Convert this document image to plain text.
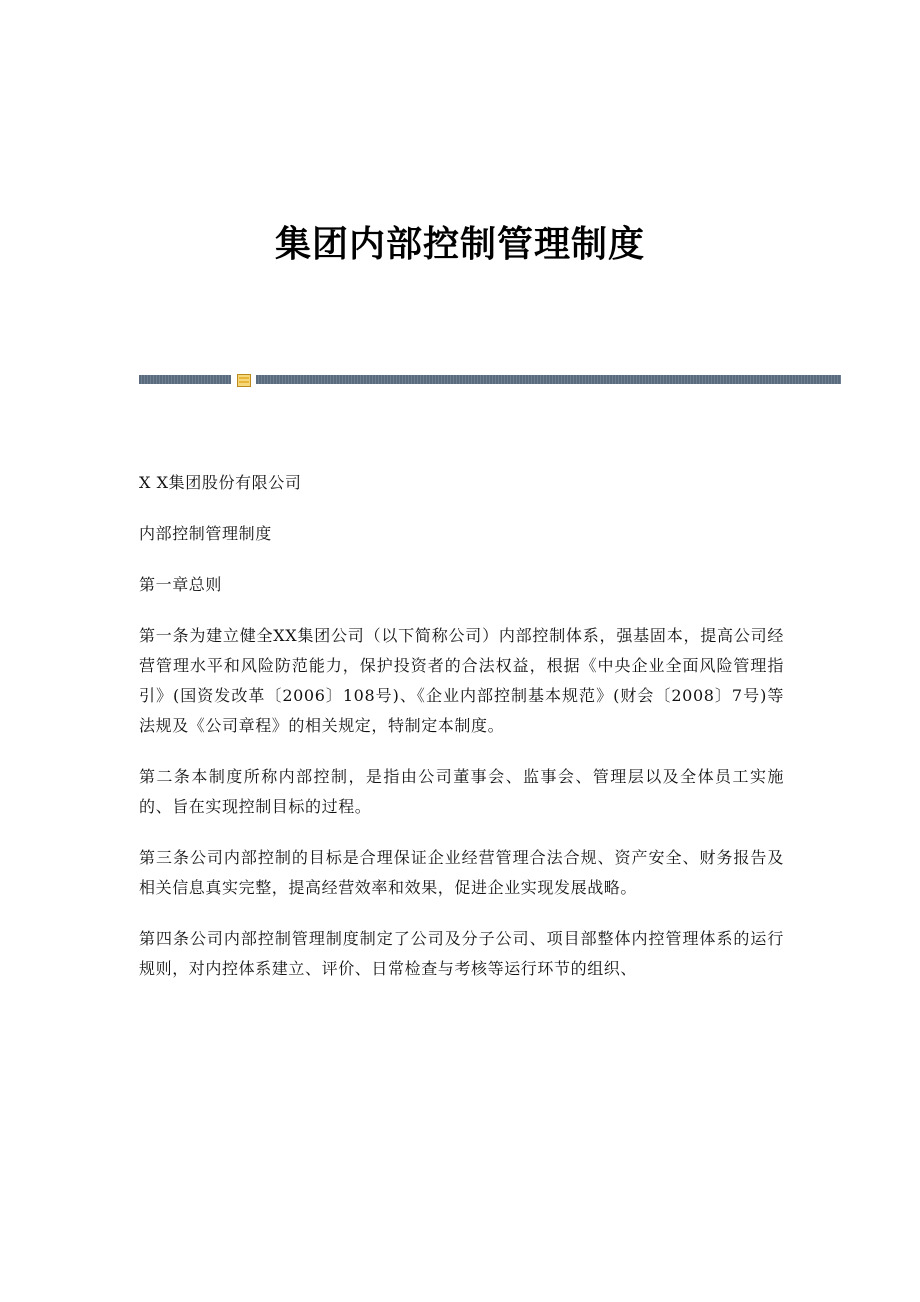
集团内部控制管理制度

X X集团股份有限公司

内部控制管理制度

第一章总则

第一条为建立健全XX集团公司（以下简称公司）内部控制体系，强基固本，提高公司经营管理水平和风险防范能力，保护投资者的合法权益，根据《中央企业全面风险管理指引》(国资发改革〔2006〕108号)、《企业内部控制基本规范》(财会〔2008〕7号)等法规及《公司章程》的相关规定，特制定本制度。

第二条本制度所称内部控制，是指由公司董事会、监事会、管理层以及全体员工实施的、旨在实现控制目标的过程。

第三条公司内部控制的目标是合理保证企业经营管理合法合规、资产安全、财务报告及相关信息真实完整，提高经营效率和效果，促进企业实现发展战略。

第四条公司内部控制管理制度制定了公司及分子公司、项目部整体内控管理体系的运行规则，对内控体系建立、评价、日常检查与考核等运行环节的组织、
